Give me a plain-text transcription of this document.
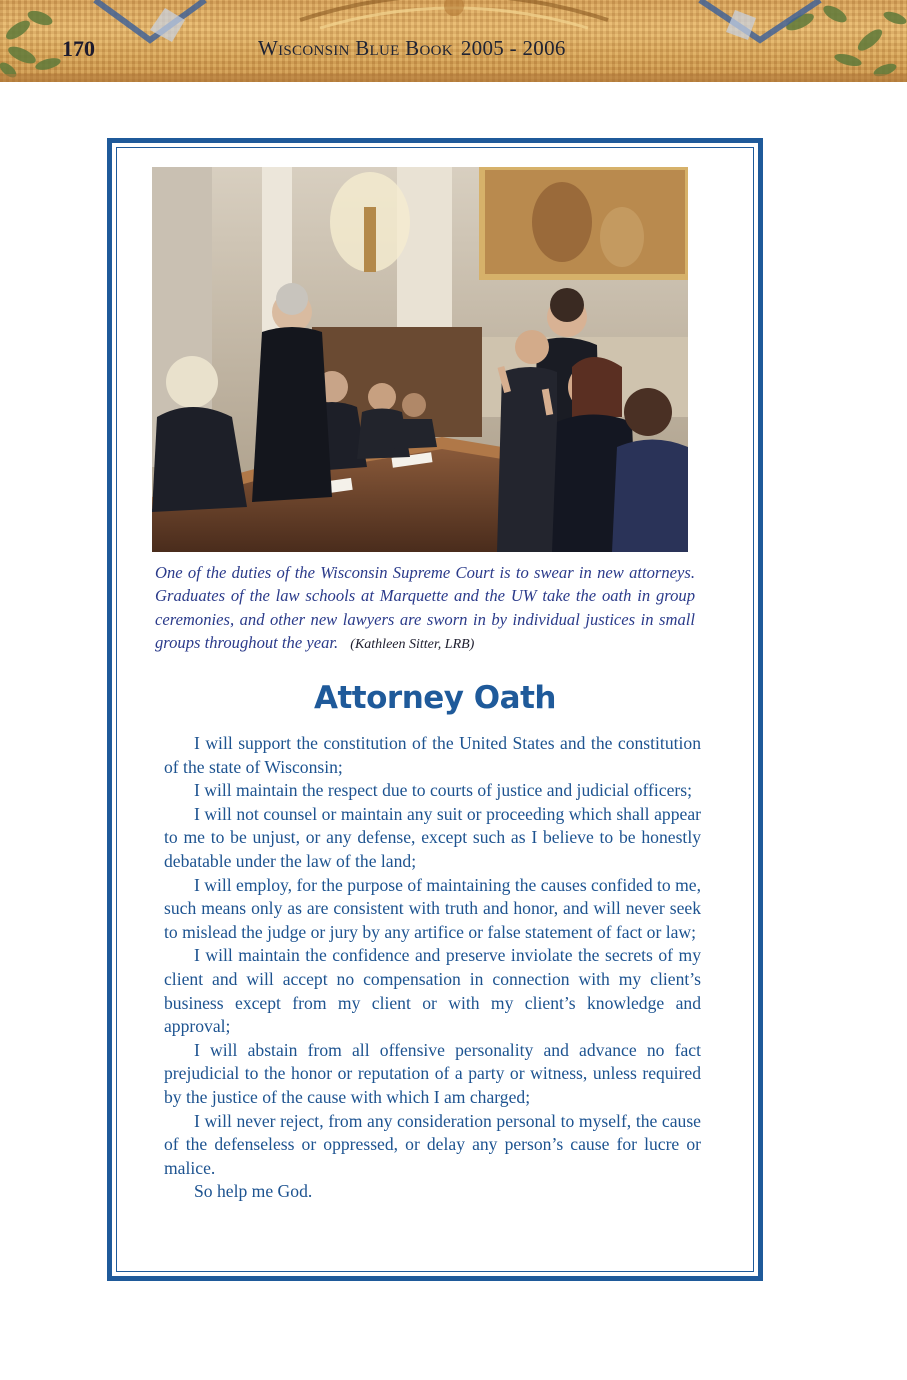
170	Wisconsin Blue Book 2005 - 2006
One of the duties of the Wisconsin Supreme Court is to swear in new attorneys. Graduates of the law schools at Marquette and the UW take the oath in group ceremonies, and other new lawyers are sworn in by individual justices in small groups throughout the year. (Kathleen Sitter, LRB)
Attorney Oath

I will support the constitution of the United States and the constitution of the state of Wisconsin;

I will maintain the respect due to courts of justice and judicial officers;

I will not counsel or maintain any suit or proceeding which shall appear to me to be unjust, or any defense, except such as I believe to be honestly debatable under the law of the land;

I will employ, for the purpose of maintaining the causes confided to me, such means only as are consistent with truth and honor, and will never seek to mislead the judge or jury by any artifice or false statement of fact or law;

I will maintain the confidence and preserve inviolate the secrets of my client and will accept no compensation in connection with my client’s business except from my client or with my client’s knowledge and approval;

I will abstain from all offensive personality and advance no fact prejudicial to the honor or reputation of a party or witness, unless required by the justice of the cause with which I am charged;

I will never reject, from any consideration personal to myself, the cause of the defenseless or oppressed, or delay any person’s cause for lucre or malice.

So help me God.
